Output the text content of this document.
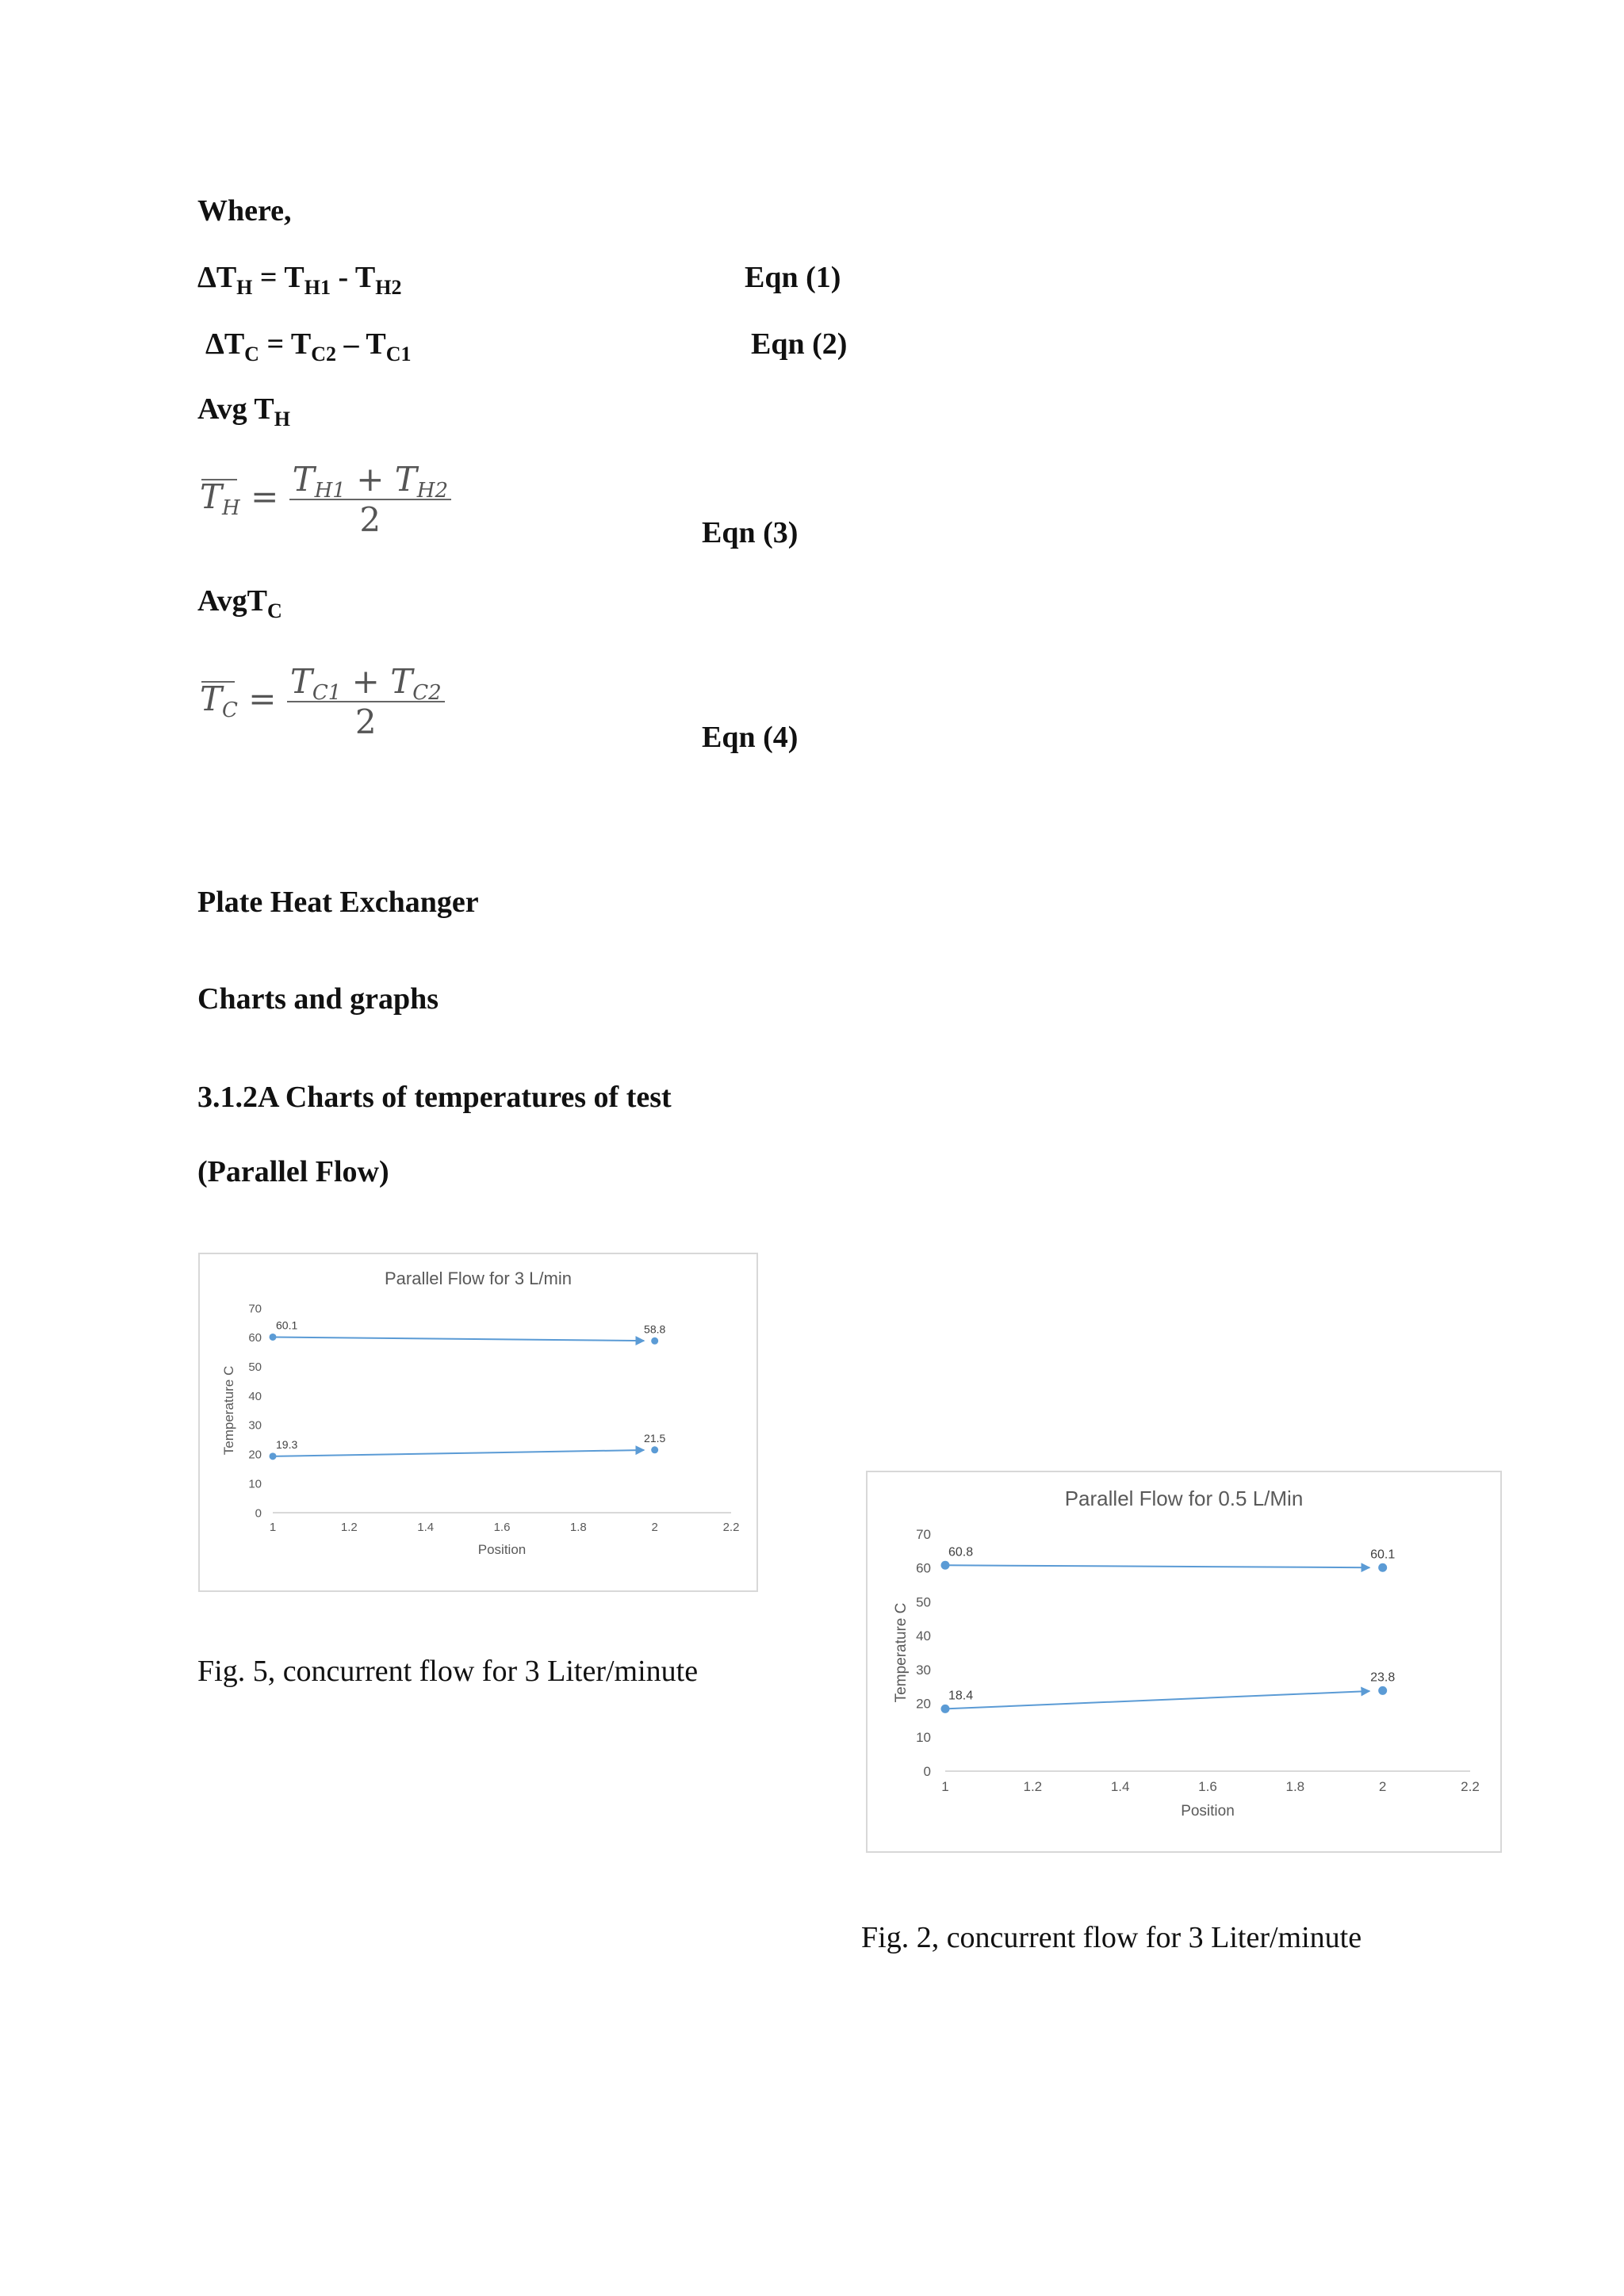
Where,
$\Delta T_H = T_{H1} - T_{H2}$	Eqn (1)
$\Delta T_C = T_{C2} - T_{C1}$	Eqn (2)
Avg $T_H$
TH = $\frac{TH1 + TH2}{2}$	Eqn (3)
AvgT$_C$
TC = $\frac{TC1 + TC2}{2}$	Eqn (4)
Plate Heat Exchanger
Charts and graphs
3.1.2A Charts of temperatures of test
(Parallel Flow)
Parallel Flow for 3 L/min
0
10
20
30
40
50
60
70
1	1.2	1.4	1.6	1.8	2	2.2
Position
Temperature C
60.1	58.8
19.3
21.5
Fig. 5, concurrent flow for 3 Liter/minute
Parallel Flow for 0.5 L/Min
0
10
20
30
40
50
60
70
1	1.2	1.4	1.6	1.8	2	2.2
Position
Temperature C
60.8	60.1
18.4
23.8
Fig. 2, concurrent flow for 3 Liter/minute
